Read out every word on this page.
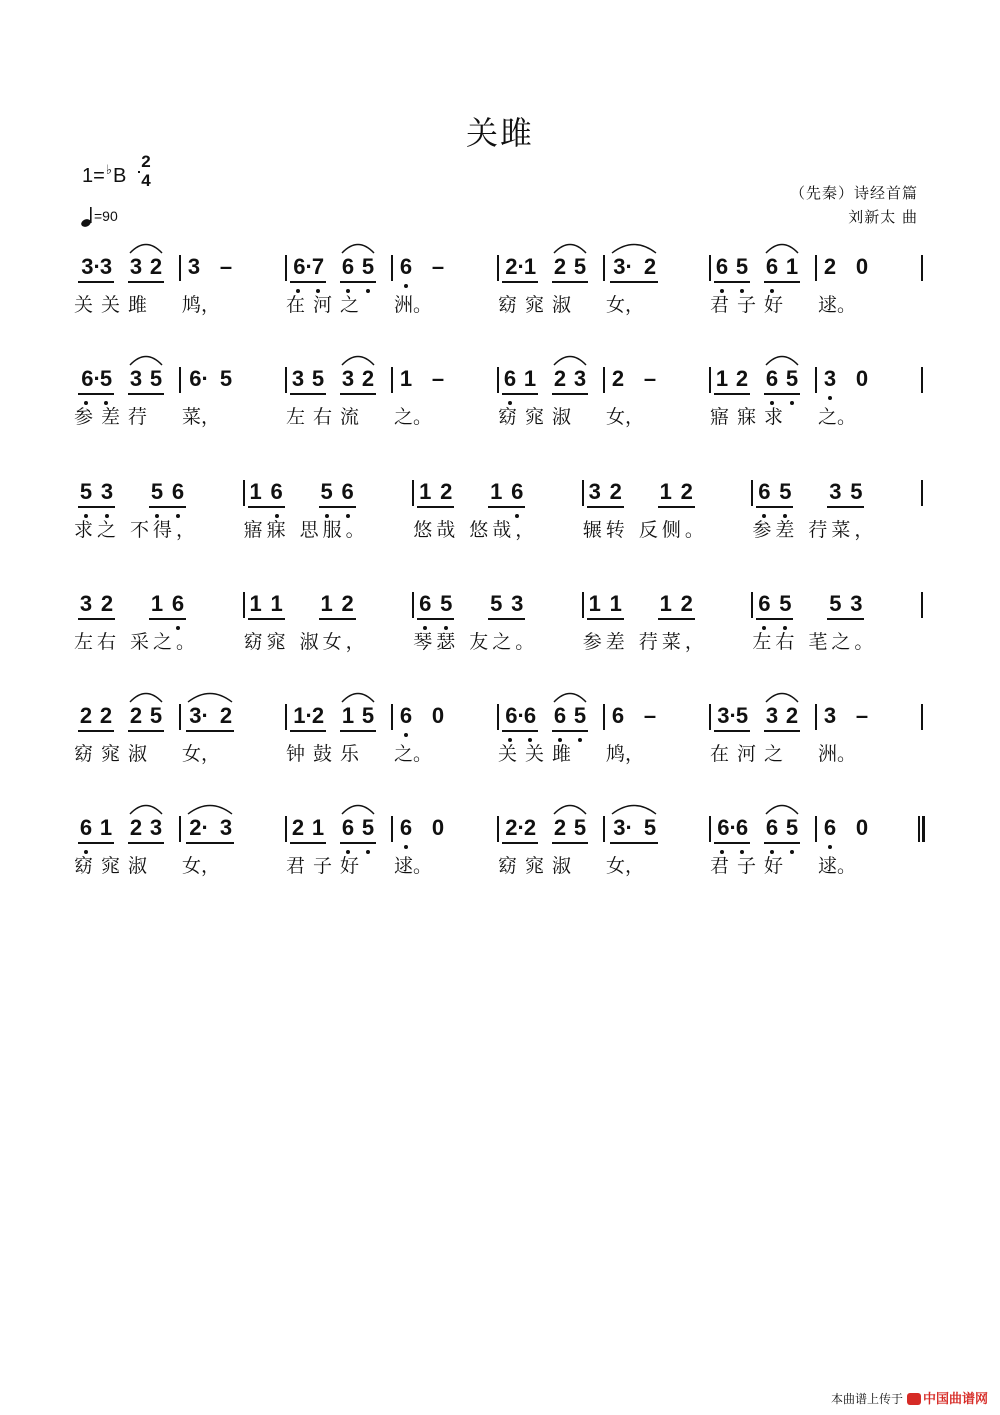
关雎
1=♭B
2
4
=90
（先秦）诗经首篇
刘新太 曲
3· 3 3 2 3 –	6· 7 6 5 6 –	2· 1 2 5 3· 2	6 5 6 1 2 0
关关雎 鸠，	在河之 洲。	窈窕淑 女，	君子好 逑。
6· 5 3 5 6· 5	3 5 3 2 1 –	6 1 2 3 2 –	1 2 6 5 3 0
参差荇 菜，	左右流 之。	窈窕淑 女，	寤寐求 之。
5 3 5 6	1 6 5 6	1 2 1 6	3 2 1 2	6 5 3 5
求之 不得， 寤寐 思服。 悠哉 悠哉， 辗转 反侧。 参差 荇菜，
3 2 1 6	1 1 1 2	6 5 5 3	1 1 1 2	6 5 5 3
左右 采之。 窈窕 淑女， 琴瑟 友之。 参差 荇菜， 左右 芼之。
2 2 2 5 3· 2	1· 2 1 5 6 0	6· 6 6 5 6 –	3· 5 3 2 3 –
窈窕淑 女，	钟鼓乐 之。	关关雎 鸠，	在河之 洲。
6 1 2 3 2· 3	2 1 6 5 6 0	2· 2 2 5 3· 5	6· 6 6 5 6 0
窈窕淑 女，	君子好 逑。	窈窕淑 女，	君子好 逑。
本曲谱上传于 中国曲谱网
